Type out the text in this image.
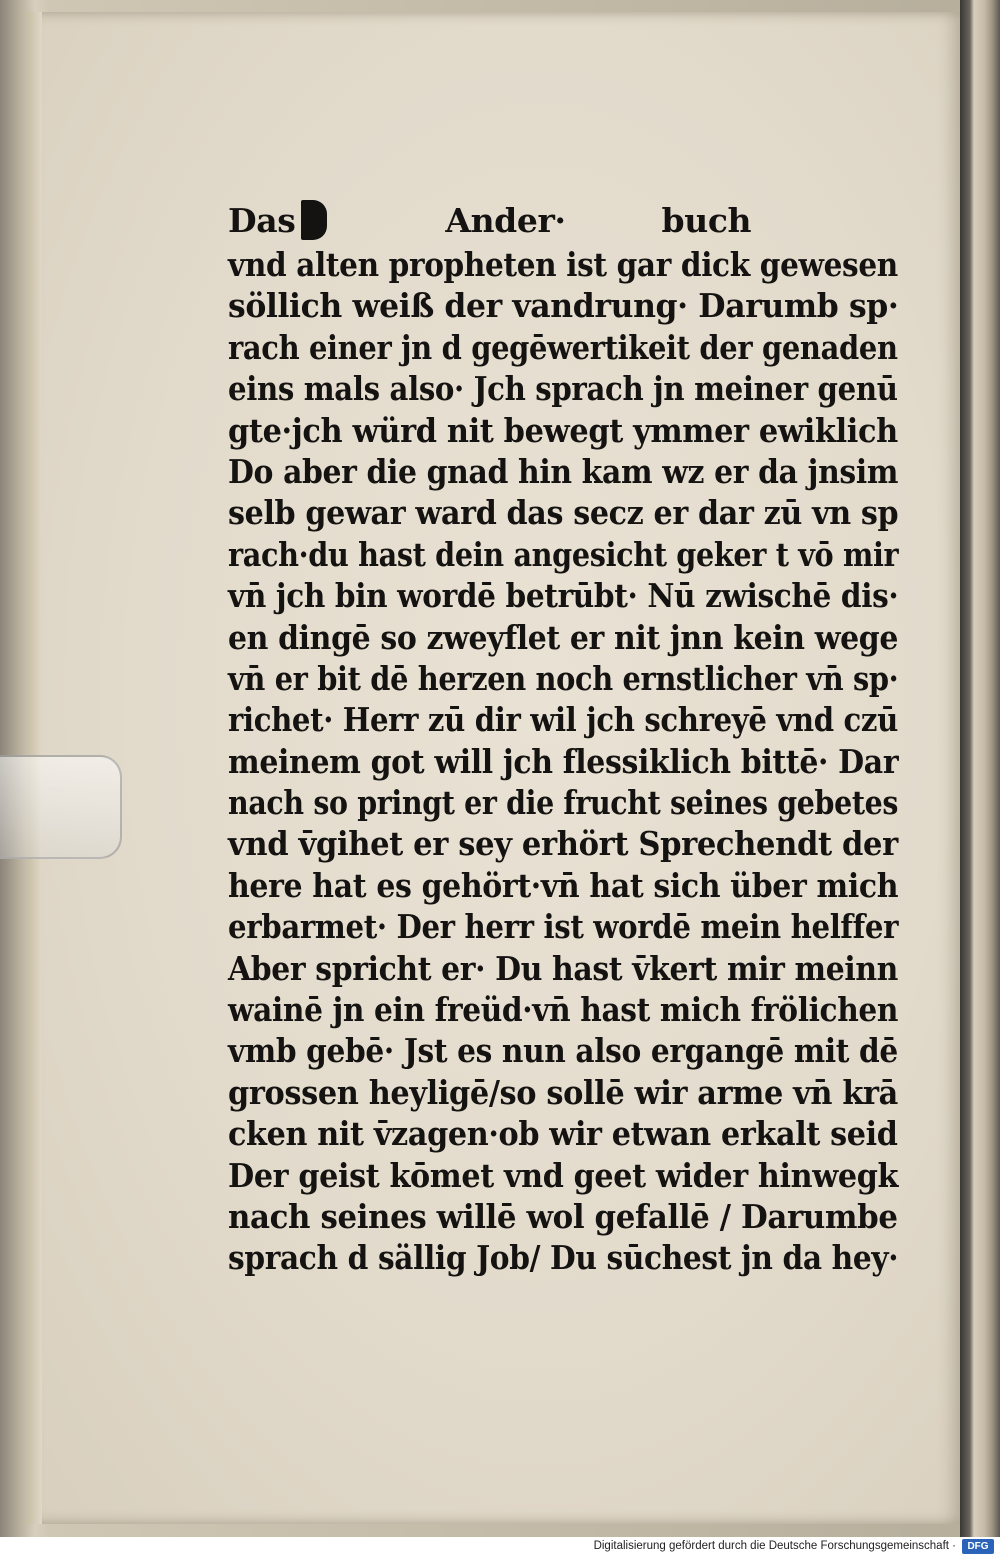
Das	Ander·	buch
vnd alten propheten ist gar dick gewesen
söllich weiß der vandrung· Darumb sp·
rach einer jn d gegēwertikeit der genaden
eins mals also· Jch sprach jn meiner genū
gte·jch würd nit bewegt ymmer ewiklich
Do aber die gnad hin kam wz er da jnsim
selb gewar ward das secz er dar zū vn sp
rach·du hast dein angesicht geker t vō mir
vn̄ jch bin wordē betrūbt· Nū zwischē dis·
en dingē so zweyflet er nit jnn kein wege
vn̄ er bit dē herzen noch ernstlicher vn̄ sp·
richet· Herr zū dir wil jch schreyē vnd czū
meinem got will jch flessiklich bittē· Dar
nach so pringt er die frucht seines gebetes
vnd v̄gihet er sey erhört Sprechendt der
here hat es gehört·vn̄ hat sich über mich
erbarmet· Der herr ist wordē mein helffer
Aber spricht er· Du hast v̄kert mir meinn
wainē jn ein freüd·vn̄ hast mich frölichen
vmb gebē· Jst es nun also ergangē mit dē
grossen heyligē/so sollē wir arme vn̄ krā
cken nit v̄zagen·ob wir etwan erkalt seid
Der geist kōmet vnd geet wider hinwegk
nach seines willē wol gefallē / Darumbe
sprach d sällig Job/ Du sūchest jn da hey·
Digitalisierung gefördert durch die Deutsche Forschungsgemeinschaft ·	DFG
